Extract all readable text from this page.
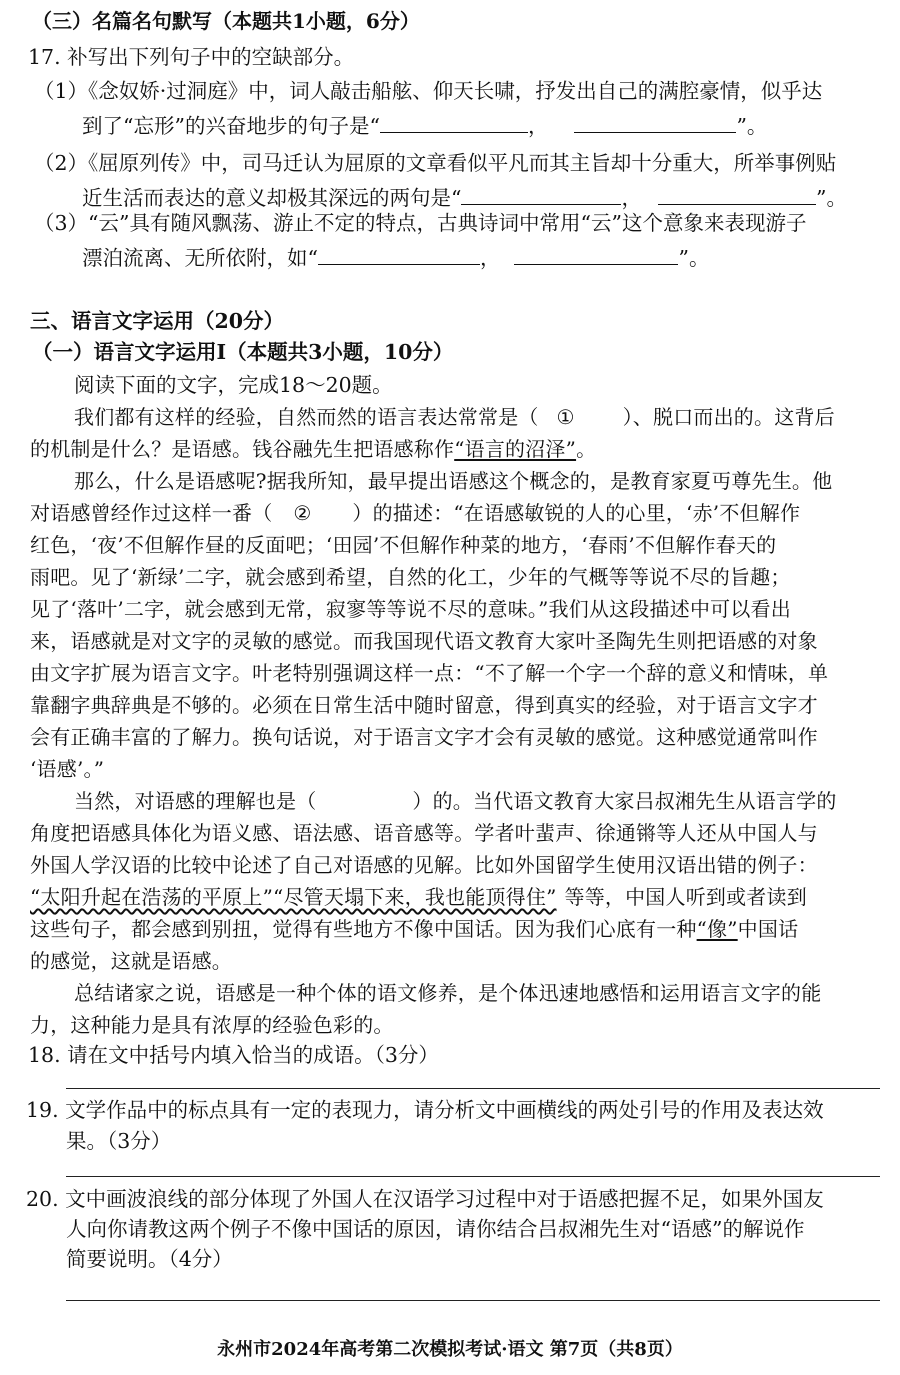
（三）名篇名句默写（本题共1小题，6分）
17. 补写出下列句子中的空缺部分。
（1）《念奴娇·过洞庭》中，词人敲击船舷、仰天长啸，抒发出自己的满腔豪情，似乎达
到了“忘形”的兴奋地步的句子是“	，	”。
（2）《屈原列传》中，司马迁认为屈原的文章看似平凡而其主旨却十分重大，所举事例贴
近生活而表达的意义却极其深远的两句是“	，	”。
（3）“云”具有随风飘荡、游止不定的特点，古典诗词中常用“云”这个意象来表现游子
漂泊流离、无所依附，如“	，	”。
三、语言文字运用（20分）
（一）语言文字运用Ⅰ（本题共3小题，10分）
阅读下面的文字，完成18～20题。
我们都有这样的经验，自然而然的语言表达常常是（ ① ）、脱口而出的。这背后
的机制是什么？是语感。钱谷融先生把语感称作“语言的沼泽”。
那么，什么是语感呢?据我所知，最早提出语感这个概念的，是教育家夏丏尊先生。他
对语感曾经作过这样一番（ ② ）的描述：“在语感敏锐的人的心里，‘赤’不但解作
红色，‘夜’不但解作昼的反面吧；‘田园’不但解作种菜的地方，‘春雨’不但解作春天的
雨吧。见了‘新绿’二字，就会感到希望，自然的化工，少年的气概等等说不尽的旨趣；
见了‘落叶’二字，就会感到无常，寂寥等等说不尽的意味。”我们从这段描述中可以看出
来，语感就是对文字的灵敏的感觉。而我国现代语文教育大家叶圣陶先生则把语感的对象
由文字扩展为语言文字。叶老特别强调这样一点：“不了解一个字一个辞的意义和情味，单
靠翻字典辞典是不够的。必须在日常生活中随时留意，得到真实的经验，对于语言文字才
会有正确丰富的了解力。换句话说，对于语言文字才会有灵敏的感觉。这种感觉通常叫作
‘语感’。”
当然，对语感的理解也是（	）的。当代语文教育大家吕叔湘先生从语言学的
角度把语感具体化为语义感、语法感、语音感等。学者叶蜚声、徐通锵等人还从中国人与
外国人学汉语的比较中论述了自己对语感的见解。比如外国留学生使用汉语出错的例子：
“太阳升起在浩荡的平原上”“尽管天塌下来，我也能顶得住” 等等，中国人听到或者读到
这些句子，都会感到别扭，觉得有些地方不像中国话。因为我们心底有一种“像”中国话
的感觉，这就是语感。
总结诸家之说，语感是一种个体的语文修养，是个体迅速地感悟和运用语言文字的能
力，这种能力是具有浓厚的经验色彩的。
18. 请在文中括号内填入恰当的成语。（3分）
19. 文学作品中的标点具有一定的表现力，请分析文中画横线的两处引号的作用及表达效
果。（3分）
20. 文中画波浪线的部分体现了外国人在汉语学习过程中对于语感把握不足，如果外国友
人向你请教这两个例子不像中国话的原因，请你结合吕叔湘先生对“语感”的解说作
简要说明。（4分）
永州市2024年高考第二次模拟考试·语文 第7页（共8页）
